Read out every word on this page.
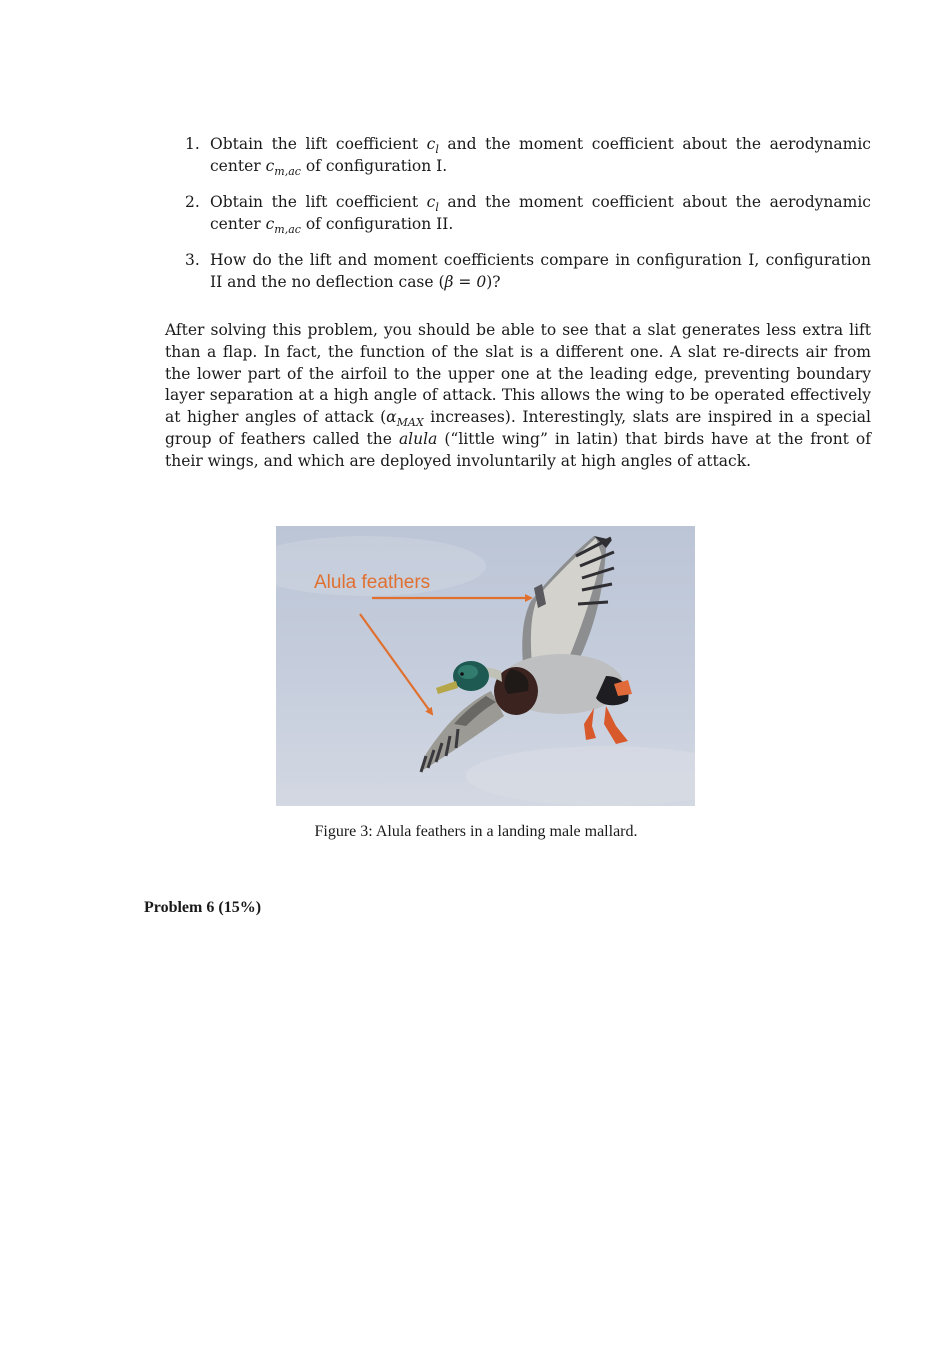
1. Obtain the lift coefficient $c_l$ and the moment coefficient about the aerodynamic center $c_{m,ac}$ of configuration I.
2. Obtain the lift coefficient $c_l$ and the moment coefficient about the aerodynamic center $c_{m,ac}$ of configuration II.
3. How do the lift and moment coefficients compare in configuration I, configuration II and the no deflection case (β = 0)?

After solving this problem, you should be able to see that a slat generates less extra lift than a flap. In fact, the function of the slat is a different one. A slat re-directs air from the lower part of the airfoil to the upper one at the leading edge, preventing boundary layer separation at a high angle of attack. This allows the wing to be operated effectively at higher angles of attack ($\alpha_{MAX}$ increases). Interestingly, slats are inspired in a special group of feathers called the alula (“little wing” in latin) that birds have at the front of their wings, and which are deployed involuntarily at high angles of attack.

Alula feathers
Figure 3: Alula feathers in a landing male mallard.
Problem 6 (15%)
